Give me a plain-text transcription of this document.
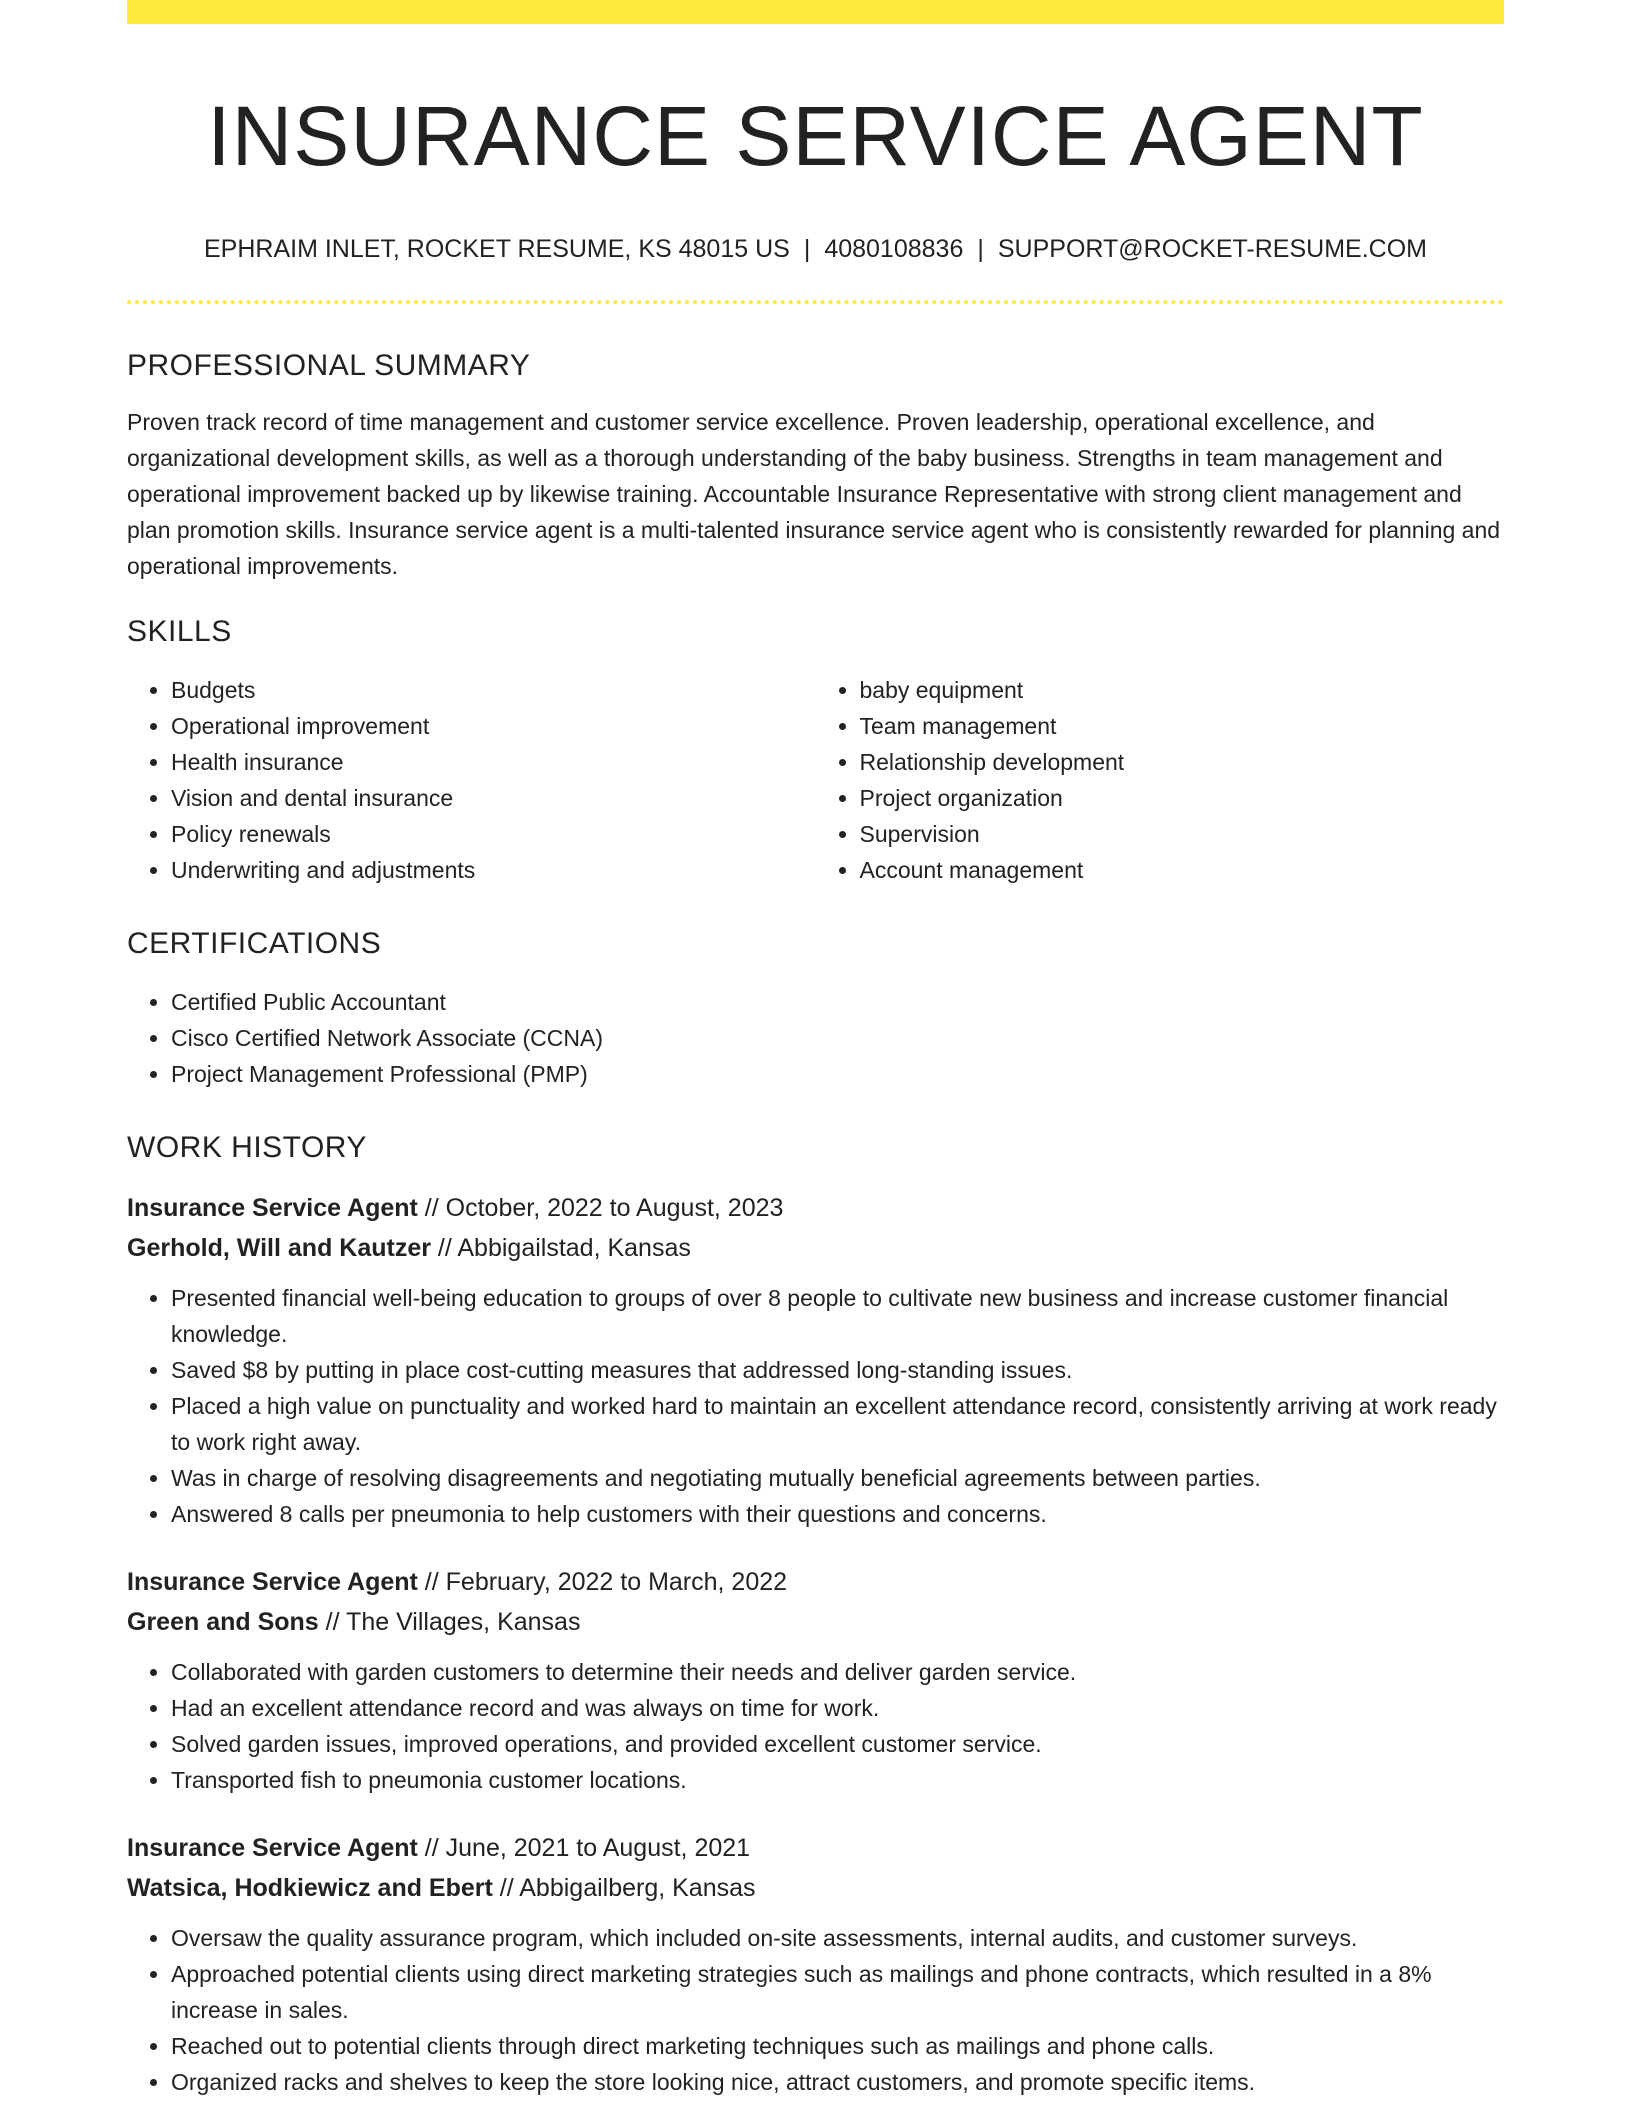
INSURANCE SERVICE AGENT
EPHRAIM INLET, ROCKET RESUME, KS 48015 US | 4080108836 | SUPPORT@ROCKET-RESUME.COM
PROFESSIONAL SUMMARY
Proven track record of time management and customer service excellence. Proven leadership, operational excellence, and organizational development skills, as well as a thorough understanding of the baby business. Strengths in team management and operational improvement backed up by likewise training. Accountable Insurance Representative with strong client management and plan promotion skills. Insurance service agent is a multi-talented insurance service agent who is consistently rewarded for planning and operational improvements.
SKILLS
• Budgets
• Operational improvement
• Health insurance
• Vision and dental insurance
• Policy renewals
• Underwriting and adjustments
• baby equipment
• Team management
• Relationship development
• Project organization
• Supervision
• Account management
CERTIFICATIONS
• Certified Public Accountant
• Cisco Certified Network Associate (CCNA)
• Project Management Professional (PMP)
WORK HISTORY
Insurance Service Agent // October, 2022 to August, 2023
Gerhold, Will and Kautzer // Abbigailstad, Kansas
• Presented financial well-being education to groups of over 8 people to cultivate new business and increase customer financial knowledge.
• Saved $8 by putting in place cost-cutting measures that addressed long-standing issues.
• Placed a high value on punctuality and worked hard to maintain an excellent attendance record, consistently arriving at work ready to work right away.
• Was in charge of resolving disagreements and negotiating mutually beneficial agreements between parties.
• Answered 8 calls per pneumonia to help customers with their questions and concerns.
Insurance Service Agent // February, 2022 to March, 2022
Green and Sons // The Villages, Kansas
• Collaborated with garden customers to determine their needs and deliver garden service.
• Had an excellent attendance record and was always on time for work.
• Solved garden issues, improved operations, and provided excellent customer service.
• Transported fish to pneumonia customer locations.
Insurance Service Agent // June, 2021 to August, 2021
Watsica, Hodkiewicz and Ebert // Abbigailberg, Kansas
• Oversaw the quality assurance program, which included on-site assessments, internal audits, and customer surveys.
• Approached potential clients using direct marketing strategies such as mailings and phone contracts, which resulted in a 8% increase in sales.
• Reached out to potential clients through direct marketing techniques such as mailings and phone calls.
• Organized racks and shelves to keep the store looking nice, attract customers, and promote specific items.
